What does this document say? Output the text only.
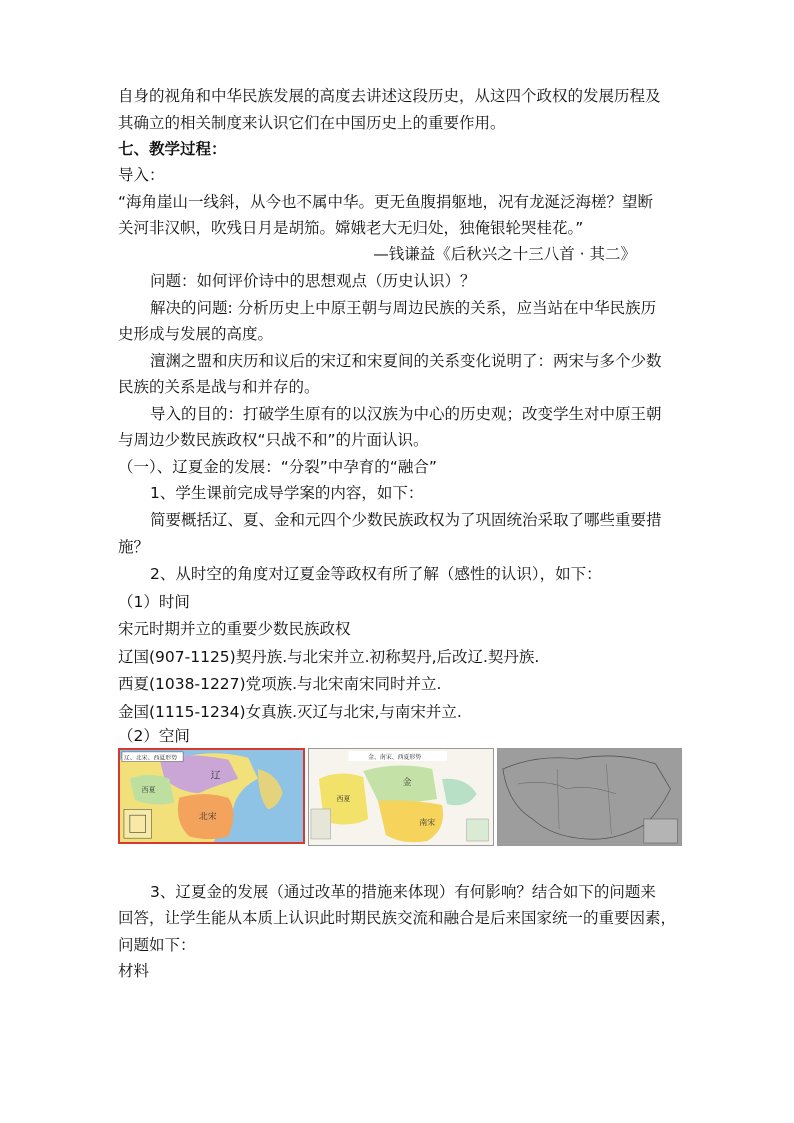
自身的视角和中华民族发展的高度去讲述这段历史，从这四个政权的发展历程及
其确立的相关制度来认识它们在中国历史上的重要作用。
七、教学过程：
导入：
“海角崖山一线斜，从今也不属中华。更无鱼腹捐躯地，况有龙涎泛海槎？望断
关河非汉帜，吹残日月是胡笳。嫦娥老大无归处，独俺银轮哭桂花。”
—钱谦益《后秋兴之十三八首 · 其二》
问题：如何评价诗中的思想观点（历史认识）？
解决的问题: 分析历史上中原王朝与周边民族的关系，应当站在中华民族历
史形成与发展的高度。
澶渊之盟和庆历和议后的宋辽和宋夏间的关系变化说明了：两宋与多个少数
民族的关系是战与和并存的。
导入的目的：打破学生原有的以汉族为中心的历史观；改变学生对中原王朝
与周边少数民族政权“只战不和”的片面认识。
（一）、辽夏金的发展：“分裂”中孕育的“融合”
1、学生课前完成导学案的内容，如下：
简要概括辽、夏、金和元四个少数民族政权为了巩固统治采取了哪些重要措
施？
2、从时空的角度对辽夏金等政权有所了解（感性的认识），如下：
（1）时间
宋元时期并立的重要少数民族政权
辽国(907-1125)契丹族.与北宋并立.初称契丹,后改辽.契丹族.
西夏(1038-1227)党项族.与北宋南宋同时并立.
金国(1115-1234)女真族.灭辽与北宋,与南宋并立.
（2）空间
辽、北宋、西夏形势
辽
北宋
西夏
金、南宋、西夏形势
金
南宋
西夏
3、辽夏金的发展（通过改革的措施来体现）有何影响？结合如下的问题来
回答，让学生能从本质上认识此时期民族交流和融合是后来国家统一的重要因素，
问题如下：
材料
